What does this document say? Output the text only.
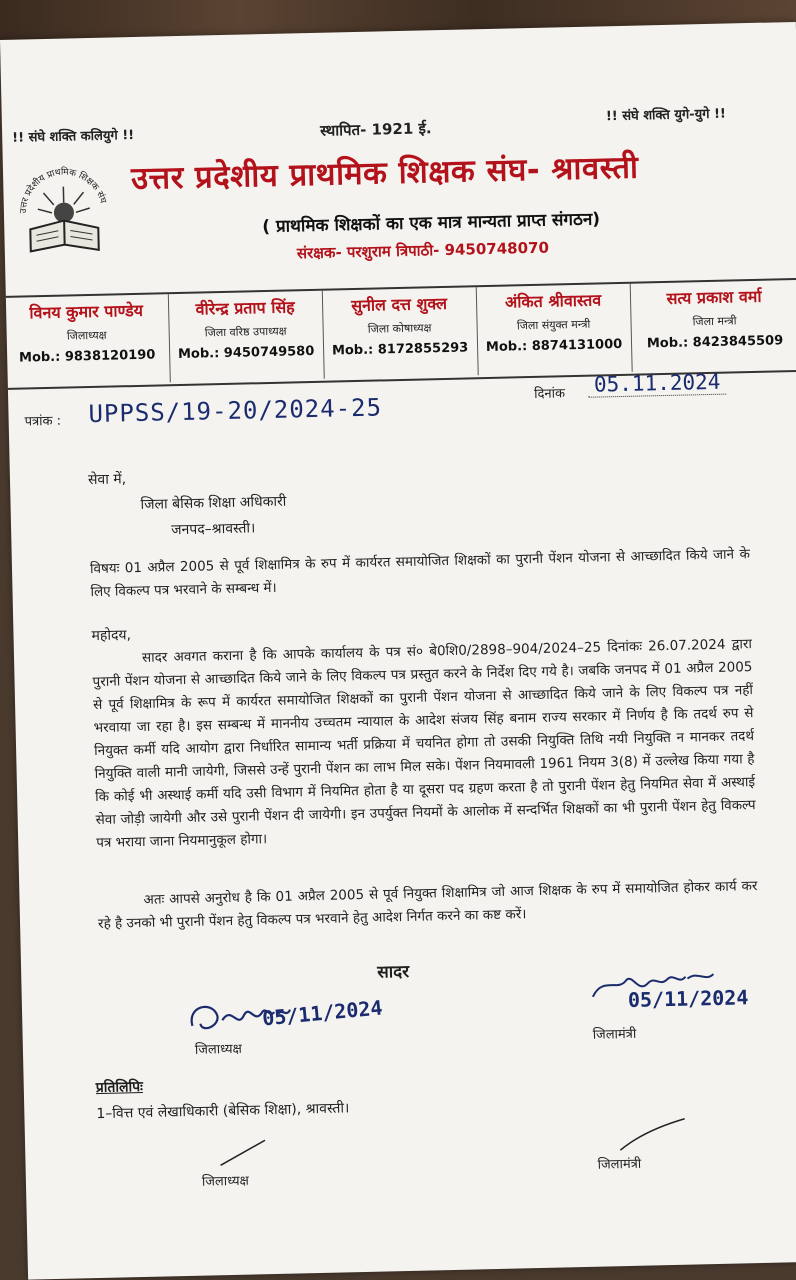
!! संघे शक्ति कलियुगे !!	स्थापित- 1921 ई.
!! संघे शक्ति युगे-युगे !!
उत्तर प्रदेशीय प्राथमिक शिक्षक संघ
उत्तर प्रदेशीय प्राथमिक शिक्षक संघ- श्रावस्ती
( प्राथमिक शिक्षकों का एक मात्र मान्यता प्राप्त संगठन)
संरक्षक- परशुराम त्रिपाठी- 9450748070
विनय कुमार पाण्डेय
जिलाध्यक्ष
Mob.: 9838120190
वीरेन्द्र प्रताप सिंह
जिला वरिष्ठ उपाध्यक्ष
Mob.: 9450749580
सुनील दत्त शुक्ल
जिला कोषाध्यक्ष
Mob.: 8172855293
अंकित श्रीवास्तव
जिला संयुक्त मन्त्री
Mob.: 8874131000
सत्य प्रकाश वर्मा
जिला मन्त्री
Mob.: 8423845509
पत्रांक : UPPSS/19-20/2024-25	दिनांक 05.11.2024
सेवा में,
जिला बेसिक शिक्षा अधिकारी
जनपद–श्रावस्ती।
विषयः 01 अप्रैल 2005 से पूर्व शिक्षामित्र के रुप में कार्यरत समायोजित शिक्षकों का पुरानी पेंशन योजना से आच्छादित किये जाने के लिए विकल्प पत्र भरवाने के सम्बन्ध में।
महोदय,
सादर अवगत कराना है कि आपके कार्यालय के पत्र सं० बे0शि0/2898–904/2024–25 दिनांकः 26.07.2024 द्वारा पुरानी पेंशन योजना से आच्छादित किये जाने के लिए विकल्प पत्र प्रस्तुत करने के निर्देश दिए गये है। जबकि जनपद में 01 अप्रैल 2005 से पूर्व शिक्षामित्र के रूप में कार्यरत समायोजित शिक्षकों का पुरानी पेंशन योजना से आच्छादित किये जाने के लिए विकल्प पत्र नहीं भरवाया जा रहा है। इस सम्बन्ध में माननीय उच्चतम न्यायाल के आदेश संजय सिंह बनाम राज्य सरकार में निर्णय है कि तदर्थ रुप से नियुक्त कर्मी यदि आयोग द्वारा निर्धारित सामान्य भर्ती प्रक्रिया में चयनित होगा तो उसकी नियुक्ति तिथि नयी नियुक्ति न मानकर तदर्थ नियुक्ति वाली मानी जायेगी, जिससे उन्हें पुरानी पेंशन का लाभ मिल सके। पेंशन नियमावली 1961 नियम 3(8) में उल्लेख किया गया है कि कोई भी अस्थाई कर्मी यदि उसी विभाग में नियमित होता है या दूसरा पद ग्रहण करता है तो पुरानी पेंशन हेतु नियमित सेवा में अस्थाई सेवा जोड़ी जायेगी और उसे पुरानी पेंशन दी जायेगी। इन उपर्युक्त नियमों के आलोक में सन्दर्भित शिक्षकों का भी पुरानी पेंशन हेतु विकल्प पत्र भराया जाना नियमानुकूल होगा।
अतः आपसे अनुरोध है कि 01 अप्रैल 2005 से पूर्व नियुक्त शिक्षामित्र जो आज शिक्षक के रुप में समायोजित होकर कार्य कर रहे है उनको भी पुरानी पेंशन हेतु विकल्प पत्र भरवाने हेतु आदेश निर्गत करने का कष्ट करें।
सादर
05/11/2024
जिलाध्यक्ष
05/11/2024
जिलामंत्री
प्रतिलिपिः
1–वित्त एवं लेखाधिकारी (बेसिक शिक्षा), श्रावस्ती।
जिलाध्यक्ष
जिलामंत्री
